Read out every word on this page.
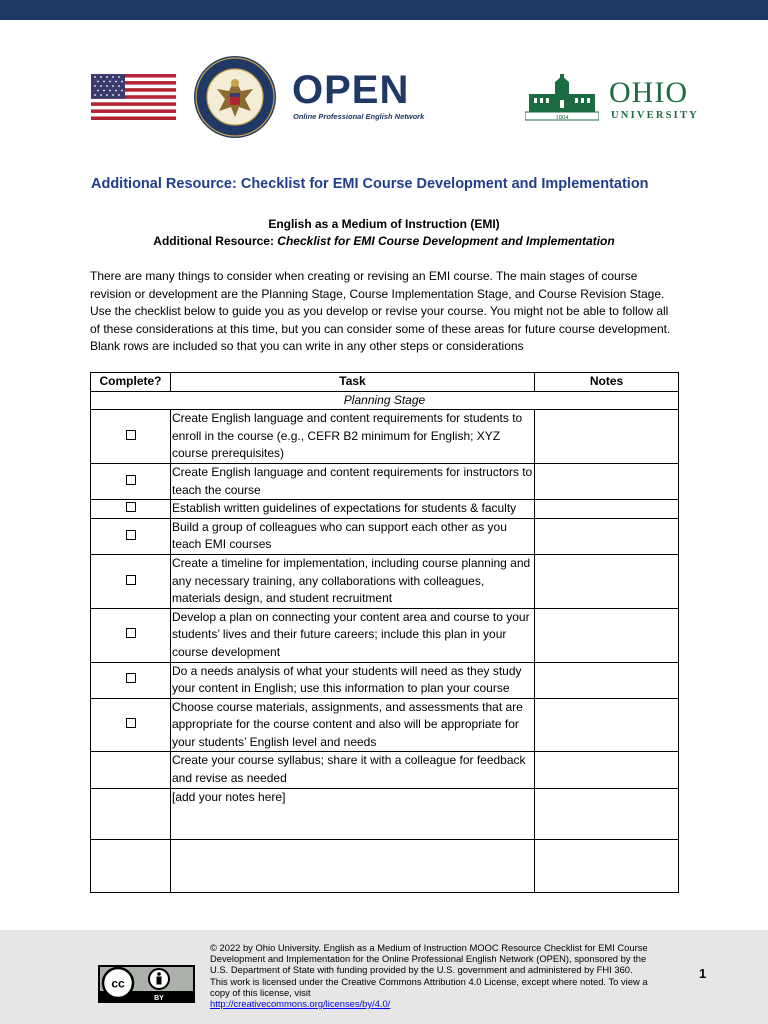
OPEN
Online Professional English Network	1804
OHIO
UNIVERSITY
Additional Resource: Checklist for EMI Course Development and Implementation
English as a Medium of Instruction (EMI)
Additional Resource: Checklist for EMI Course Development and Implementation
There are many things to consider when creating or revising an EMI course. The main stages of course revision or development are the Planning Stage, Course Implementation Stage, and Course Revision Stage. Use the checklist below to guide you as you develop or revise your course. You might not be able to follow all of these considerations at this time, but you can consider some of these areas for future course development. Blank rows are included so that you can write in any other steps or considerations
Complete?	Task	Notes
Planning Stage		
	Create English language and content requirements for students to enroll in the course (e.g., CEFR B2 minimum for English; XYZ course prerequisites)	
	Create English language and content requirements for instructors to teach the course	
	Establish written guidelines of expectations for students & faculty	
	Build a group of colleagues who can support each other as you teach EMI courses	
	Create a timeline for implementation, including course planning and any necessary training, any collaborations with colleagues, materials design, and student recruitment	
	Develop a plan on connecting your content area and course to your students’ lives and their future careers; include this plan in your course development	
	Do a needs analysis of what your students will need as they study your content in English; use this information to plan your course	
	Choose course materials, assignments, and assessments that are appropriate for the course content and also will be appropriate for your students’ English level and needs	
	Create your course syllabus; share it with a colleague for feedback and revise as needed	
	[add your notes here]	

cc
BY
© 2022 by Ohio University. English as a Medium of Instruction MOOC Resource Checklist for EMI Course Development and Implementation for the Online Professional English Network (OPEN), sponsored by the U.S. Department of State with funding provided by the U.S. government and administered by FHI 360. This work is licensed under the Creative Commons Attribution 4.0 License, except where noted. To view a copy of this license, visit
http://creativecommons.org/licenses/by/4.0/
1
